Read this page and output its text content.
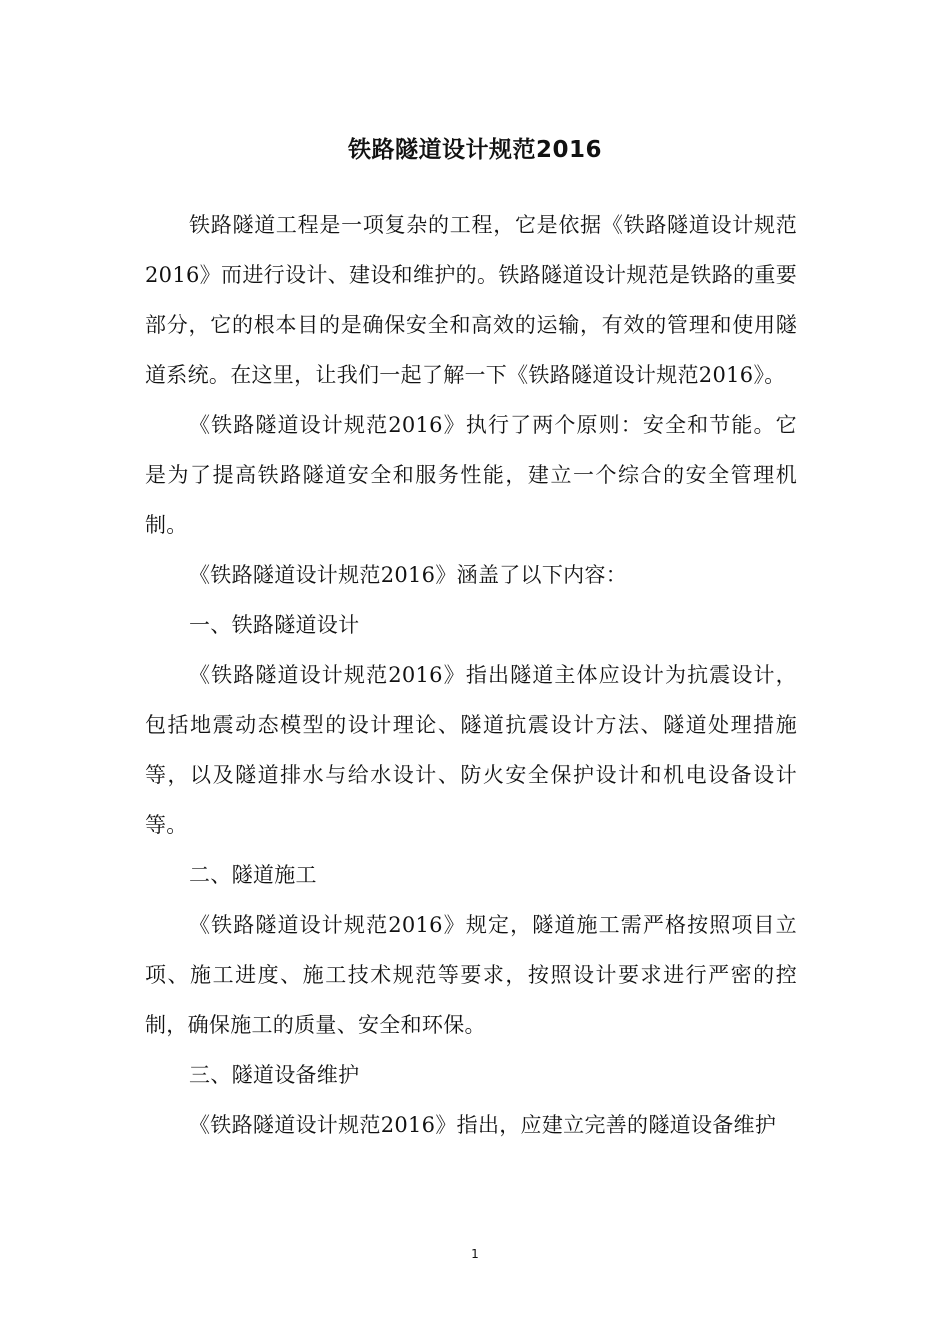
铁路隧道设计规范2016

铁路隧道工程是一项复杂的工程，它是依据《铁路隧道设计规范2016》而进行设计、建设和维护的。铁路隧道设计规范是铁路的重要部分，它的根本目的是确保安全和高效的运输，有效的管理和使用隧道系统。在这里，让我们一起了解一下《铁路隧道设计规范2016》。

《铁路隧道设计规范2016》执行了两个原则：安全和节能。它是为了提高铁路隧道安全和服务性能，建立一个综合的安全管理机制。

《铁路隧道设计规范2016》涵盖了以下内容：

一、铁路隧道设计

《铁路隧道设计规范2016》指出隧道主体应设计为抗震设计，包括地震动态模型的设计理论、隧道抗震设计方法、隧道处理措施等，以及隧道排水与给水设计、防火安全保护设计和机电设备设计等。

二、隧道施工

《铁路隧道设计规范2016》规定，隧道施工需严格按照项目立项、施工进度、施工技术规范等要求，按照设计要求进行严密的控制，确保施工的质量、安全和环保。

三、隧道设备维护

《铁路隧道设计规范2016》指出，应建立完善的隧道设备维护

1
